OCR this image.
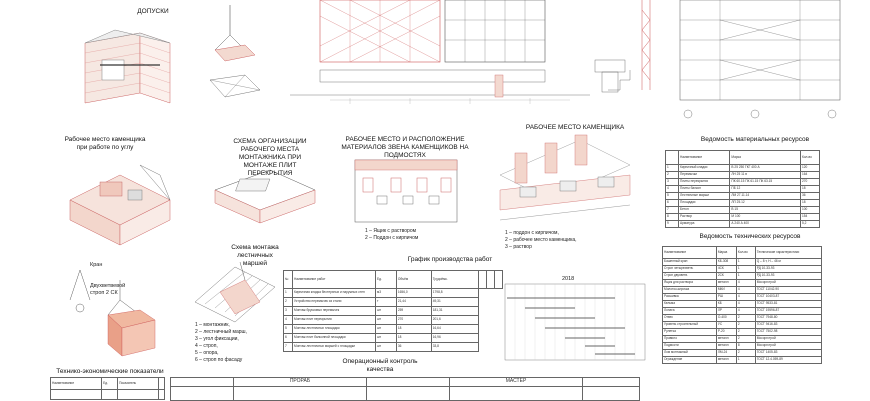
ДОПУСКИ
Рабочее место каменщика при работе по углу
СХЕМА ОРГАНИЗАЦИИ РАБОЧЕГО МЕСТА МОНТАЖНИКА ПРИ МОНТАЖЕ ПЛИТ ПЕРЕКРЫТИЯ
РАБОЧЕЕ МЕСТО И РАСПОЛОЖЕНИЕ МАТЕРИАЛОВ ЗВЕНА КАМЕНЩИКОВ НА ПОДМОСТЯХ
1 – Ящик с раствором
2 – Поддон с кирпичом
РАБОЧЕЕ МЕСТО КАМЕНЩИКА
1 – поддон с кирпичом,
2 – рабочее место каменщика,
3 – раствор
Ведомость материальных ресурсов
	Наименование	Марка	Кол-во
1	Кирпичный кладки	В 25 250 ГКГ 400 А	120
2	Перемычки	ЛН 25 11 в	164
3	Плиты перекрытия	ПК 60.15 ПК 61.15 ПК 63.15	270
4	Плиты балкон	ПБ 12	18
5	Лестничные марши	ЛМ 27.11.14	36
6	Площадки	ЛП 25.12	18
7	Бетон	В 15	100
8	Раствор	М 100	154
9	Арматура	А 240 А 400	5,2
Ведомость технических ресурсов
Наименование	Марка	Кол-во	Технические характеристики
Башенный кран	КБ-308	1	Q – 8 т, Н – 46 м
Строп четырехветв.	4СК	1	РД 10-33-93
Строп двухветв.	2СК	1	РД 10-33-93
Ящик для раствора	металл	4	Мосоргстрой
Молоток-кирочка	МКИ	4	ГОСТ 11042-90
Расшивка	РШ	4	ГОСТ 10403-87
Кельма	КБ	4	ГОСТ 9533-81
Лопата	ЛР	4	ГОСТ 19596-87
Отвес	О-400	2	ГОСТ 7948-80
Уровень строительный	УС	2	ГОСТ 9416-83
Рулетка	Р-20	2	ГОСТ 7502-98
Правило	металл	2	Мосоргстрой
Подмости	металл	8	Мосоргстрой
Лом монтажный	ЛМ-24	2	ГОСТ 1405-83
Ограждение	металл	1	ГОСТ 12.4.059-89
Схема монтажа лестничных маршей
1 – монтажник,
2 – лестничный марш,
3 – угол фиксации,
4 – строп,
5 – опора,
6 – строп по фасаду
Кран
Двухветвевой строп 2 СК
График производства работ
2018
№	Наименование работ	Ед.	Объём	Трудоёмк.			
1	Кирпичная кладка бестерхных и наружных стен	м3	1656,0	1798,8			
2	Устройство перемычек из стали	т	21,44	49,31			
3	Монтаж брусковых перемычек	шт	259	181,31			
4	Монтаж плит перекрытия	шт	270	201,6			
5	Монтаж лестничных площадок	шт	18	16,64			
6	Монтаж плит балконной площадки	шт	18	16,96			
7	Монтаж лестничных маршей с площадки	шт	36	33,8			
Технико-экономические показатели
Наименование	Ед.	Показатель	

Операционный контроль качества
	ПРОРАБ		МАСТЕР	
